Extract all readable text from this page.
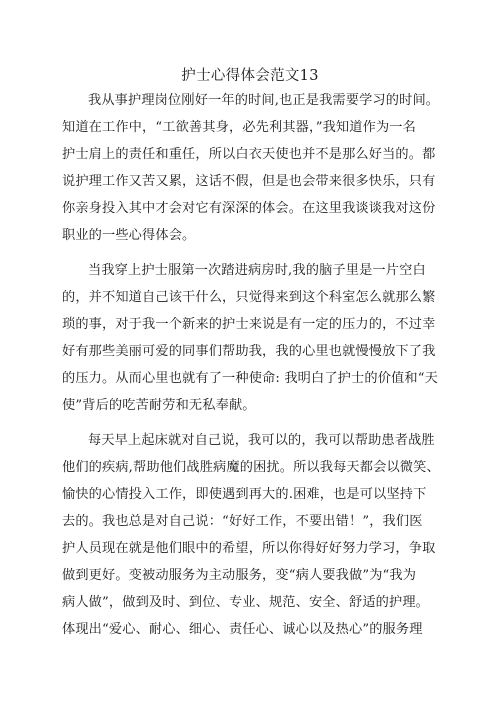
护士心得体会范文13

我从事护理岗位刚好一年的时间,也正是我需要学习的时间。

知道在工作中，“工欲善其身，必先利其器，”我知道作为一名

护士肩上的责任和重任，所以白衣天使也并不是那么好当的。都

说护理工作又苦又累，这话不假，但是也会带来很多快乐，只有

你亲身投入其中才会对它有深深的体会。在这里我谈谈我对这份

职业的一些心得体会。

当我穿上护士服第一次踏进病房时,我的脑子里是一片空白

的，并不知道自己该干什么，只觉得来到这个科室怎么就那么繁

琐的事，对于我一个新来的护士来说是有一定的压力的，不过幸

好有那些美丽可爱的同事们帮助我，我的心里也就慢慢放下了我

的压力。从而心里也就有了一种使命: 我明白了护士的价值和“天

使”背后的吃苦耐劳和无私奉献。

每天早上起床就对自己说，我可以的，我可以帮助患者战胜

他们的疾病,帮助他们战胜病魔的困扰。所以我每天都会以微笑、

愉快的心情投入工作，即使遇到再大的.困难，也是可以坚持下

去的。我也总是对自己说：“好好工作，不要出错！”，我们医

护人员现在就是他们眼中的希望，所以你得好好努力学习，争取

做到更好。变被动服务为主动服务，变“病人要我做”为“我为

病人做”，做到及时、到位、专业、规范、安全、舒适的护理。

体现出“爱心、耐心、细心、责任心、诚心以及热心”的服务理
